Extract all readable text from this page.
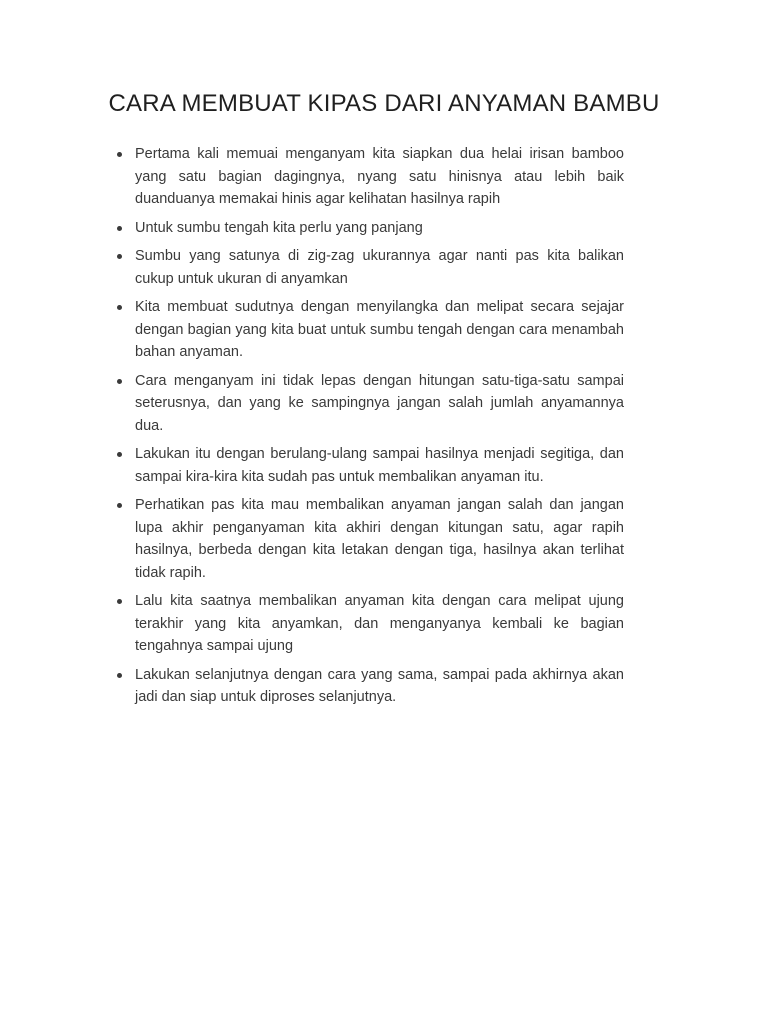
CARA MEMBUAT KIPAS DARI ANYAMAN BAMBU
Pertama kali memuai menganyam kita siapkan dua helai irisan bamboo yang satu bagian dagingnya, nyang satu hinisnya atau lebih baik duanduanya memakai hinis agar kelihatan hasilnya rapih
Untuk sumbu tengah kita perlu yang panjang
Sumbu yang satunya di zig-zag ukurannya agar nanti pas kita balikan cukup untuk ukuran di anyamkan
Kita membuat sudutnya dengan menyilangka dan melipat secara sejajar dengan bagian yang kita buat untuk sumbu tengah dengan cara menambah bahan anyaman.
Cara menganyam ini tidak lepas dengan hitungan satu-tiga-satu sampai seterusnya, dan yang ke sampingnya jangan salah jumlah anyamannya dua.
Lakukan itu dengan berulang-ulang sampai hasilnya menjadi segitiga, dan sampai kira-kira kita sudah pas untuk membalikan anyaman itu.
Perhatikan pas kita mau membalikan anyaman jangan salah dan jangan lupa akhir penganyaman kita akhiri dengan kitungan satu, agar rapih hasilnya, berbeda dengan kita letakan dengan tiga, hasilnya akan terlihat tidak rapih.
Lalu kita saatnya membalikan anyaman kita dengan cara melipat ujung terakhir yang kita anyamkan, dan menganyanya kembali ke bagian tengahnya sampai ujung
Lakukan selanjutnya dengan cara yang sama, sampai pada akhirnya akan jadi dan siap untuk diproses selanjutnya.
